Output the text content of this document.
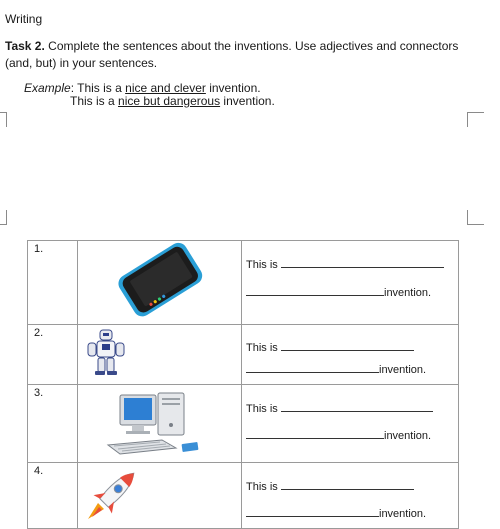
Writing
Task 2. Complete the sentences about the inventions. Use adjectives and connectors (and, but) in your sentences.
Example: This is a nice and clever invention.
This is a nice but dangerous invention.
1.		This is
invention.

2.		This is
invention.

3.		This is
invention.

4.		This is
invention.
